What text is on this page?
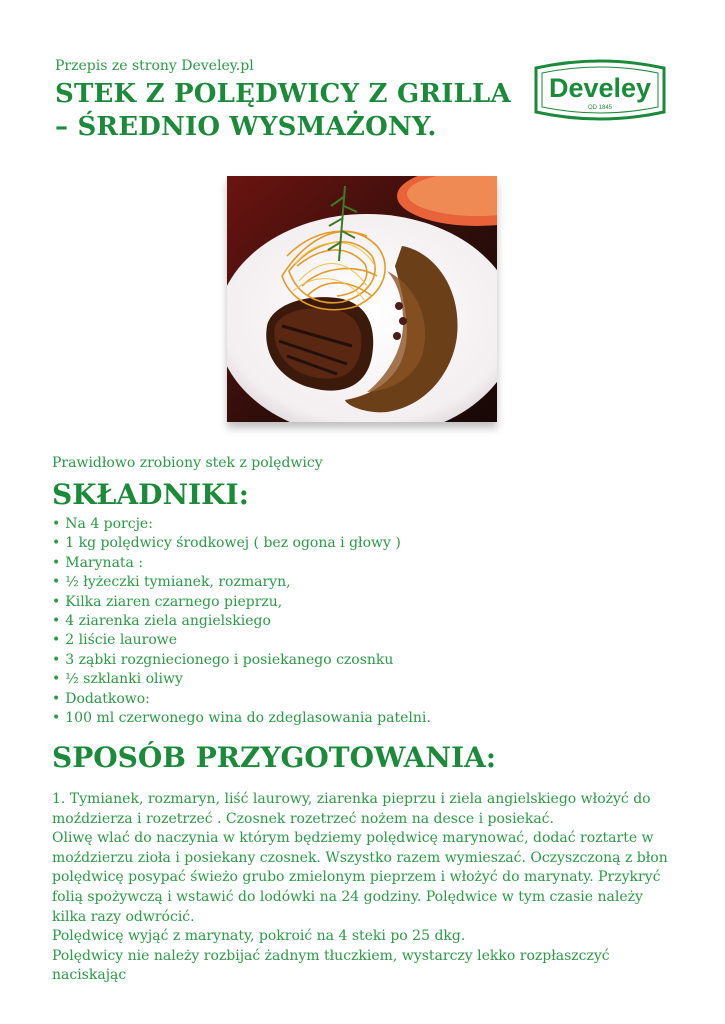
Przepis ze strony Develey.pl
STEK Z POLĘDWICY Z GRILLA – ŚREDNIO WYSMAŻONY.
Develey
OD 1845
Prawidłowo zrobiony stek z polędwicy
SKŁADNIKI:
• Na 4 porcje:
• 1 kg polędwicy środkowej ( bez ogona i głowy )
• Marynata :
• ½ łyżeczki tymianek, rozmaryn,
• Kilka ziaren czarnego pieprzu,
• 4 ziarenka ziela angielskiego
• 2 liście laurowe
• 3 ząbki rozgniecionego i posiekanego czosnku
• ½ szklanki oliwy
• Dodatkowo:
• 100 ml czerwonego wina do zdeglasowania patelni.
SPOSÓB PRZYGOTOWANIA:

1. Tymianek, rozmaryn, liść laurowy, ziarenka pieprzu i ziela angielskiego włożyć do moździerza i rozetrzeć . Czosnek rozetrzeć nożem na desce i posiekać.
Oliwę wlać do naczynia w którym będziemy polędwicę marynować, dodać roztarte w moździerzu zioła i posiekany czosnek. Wszystko razem wymieszać. Oczyszczoną z błon polędwicę posypać świeżo grubo zmielonym pieprzem i włożyć do marynaty. Przykryć folią spożywczą i wstawić do lodówki na 24 godziny. Polędwice w tym czasie należy kilka razy odwrócić.
Polędwicę wyjąć z marynaty, pokroić na 4 steki po 25 dkg.
Polędwicy nie należy rozbijać żadnym tłuczkiem, wystarczy lekko rozpłaszczyć naciskając
